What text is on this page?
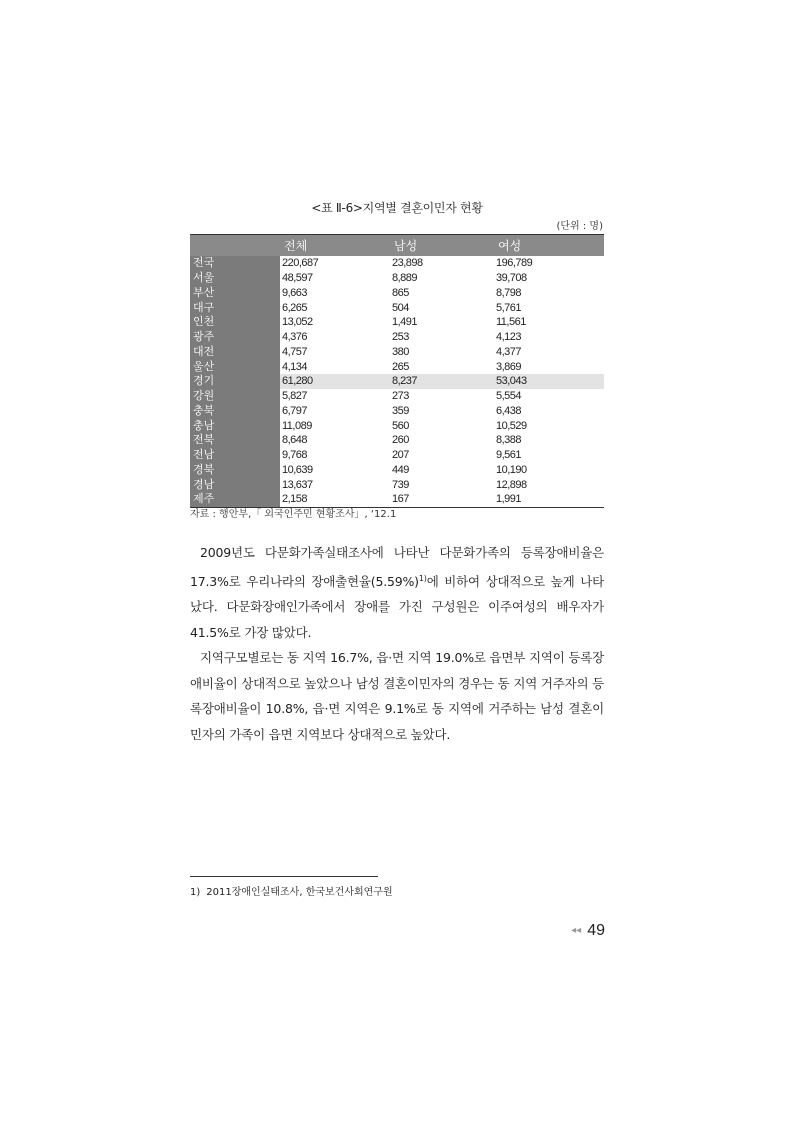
<표 Ⅱ-6>지역별 결혼이민자 현황
(단위 : 명)
	전체	남성	여성
전국	220,687	23,898	196,789
서울	48,597	8,889	39,708
부산	9,663	865	8,798
대구	6,265	504	5,761
인천	13,052	1,491	11,561
광주	4,376	253	4,123
대전	4,757	380	4,377
울산	4,134	265	3,869
경기	61,280	8,237	53,043
강원	5,827	273	5,554
충북	6,797	359	6,438
충남	11,089	560	10,529
전북	8,648	260	8,388
전남	9,768	207	9,561
경북	10,639	449	10,190
경남	13,637	739	12,898
제주	2,158	167	1,991
자료 : 행안부,「 외국인주민 현황조사」, ‘12.1

2009년도 다문화가족실태조사에 나타난 다문화가족의 등록장애비율은 17.3%로 우리나라의 장애출현율$(5.59\%)^{1)}$에 비하여 상대적으로 높게 나타났다. 다문화장애인가족에서 장애를 가진 구성원은 이주여성의 배우자가 41.5%로 가장 많았다.

지역구모별로는 동 지역 16.7%, 읍·면 지역 19.0%로 읍면부 지역이 등록장애비율이 상대적으로 높았으나 남성 결혼이민자의 경우는 동 지역 거주자의 등록장애비율이 10.8%, 읍·면 지역은 9.1%로 동 지역에 거주하는 남성 결혼이민자의 가족이 읍면 지역보다 상대적으로 높았다.

1) 2011장애인실태조사, 한국보건사회연구원
◂◂ 49
